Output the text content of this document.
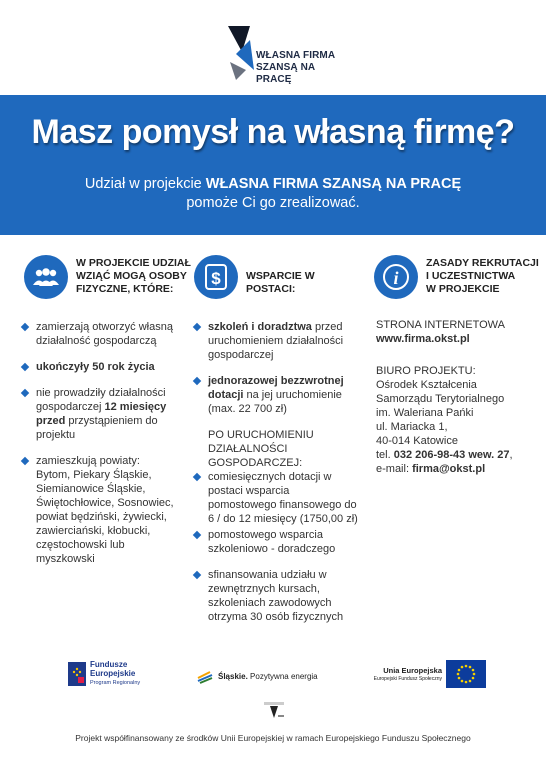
WŁASNA FIRMA
SZANSĄ NA PRACĘ
Masz pomysł na własną firmę?
Udział w projekcie WŁASNA FIRMA SZANSĄ NA PRACĘ
pomoże Ci go zrealizować.
W PROJEKCIE UDZIAŁ
WZIĄĆ MOGĄ OSOBY
FIZYCZNE, KTÓRE:
$ WSPARCIE W POSTACI:
i
ZASADY REKRUTACJI
I UCZESTNICTWA
W PROJEKCIE
zamierzają otworzyć własną działalność gospodarczą
ukończyły 50 rok życia
nie prowadziły działalności gospodarczej 12 miesięcy przed przystąpieniem do projektu
zamieszkują powiaty:
Bytom, Piekary Śląskie,
Siemianowice Śląskie,
Świętochłowice, Sosnowiec,
powiat będziński, żywiecki,
zawierciański, kłobucki,
częstochowski lub
myszkowski
szkoleń i doradztwa przed uruchomieniem działalności gospodarczej
jednorazowej bezzwrotnej dotacji na jej uruchomienie (max. 22 700 zł)
PO URUCHOMIENIU
DZIAŁALNOŚCI
GOSPODARCZEJ:
comiesięcznych dotacji w postaci wsparcia pomostowego finansowego do 6 / do 12 miesięcy (1750,00 zł)
pomostowego wsparcia szkoleniowo - doradczego
sfinansowania udziału w zewnętrznych kursach, szkoleniach zawodowych otrzyma 30 osób fizycznych
STRONA INTERNETOWA
www.firma.okst.pl
BIURO PROJEKTU:
Ośrodek Kształcenia
Samorządu Terytorialnego
im. Waleriana Pańki
ul. Mariacka 1,
40-014 Katowice
tel. 032 206-98-43 wew. 27,
e-mail: firma@okst.pl
Fundusze
Europejskie
Program Regionalny
Śląskie. Pozytywna energia
Unia Europejska
Europejski Fundusz Społeczny
Projekt współfinansowany ze środków Unii Europejskiej w ramach Europejskiego Funduszu Społecznego
